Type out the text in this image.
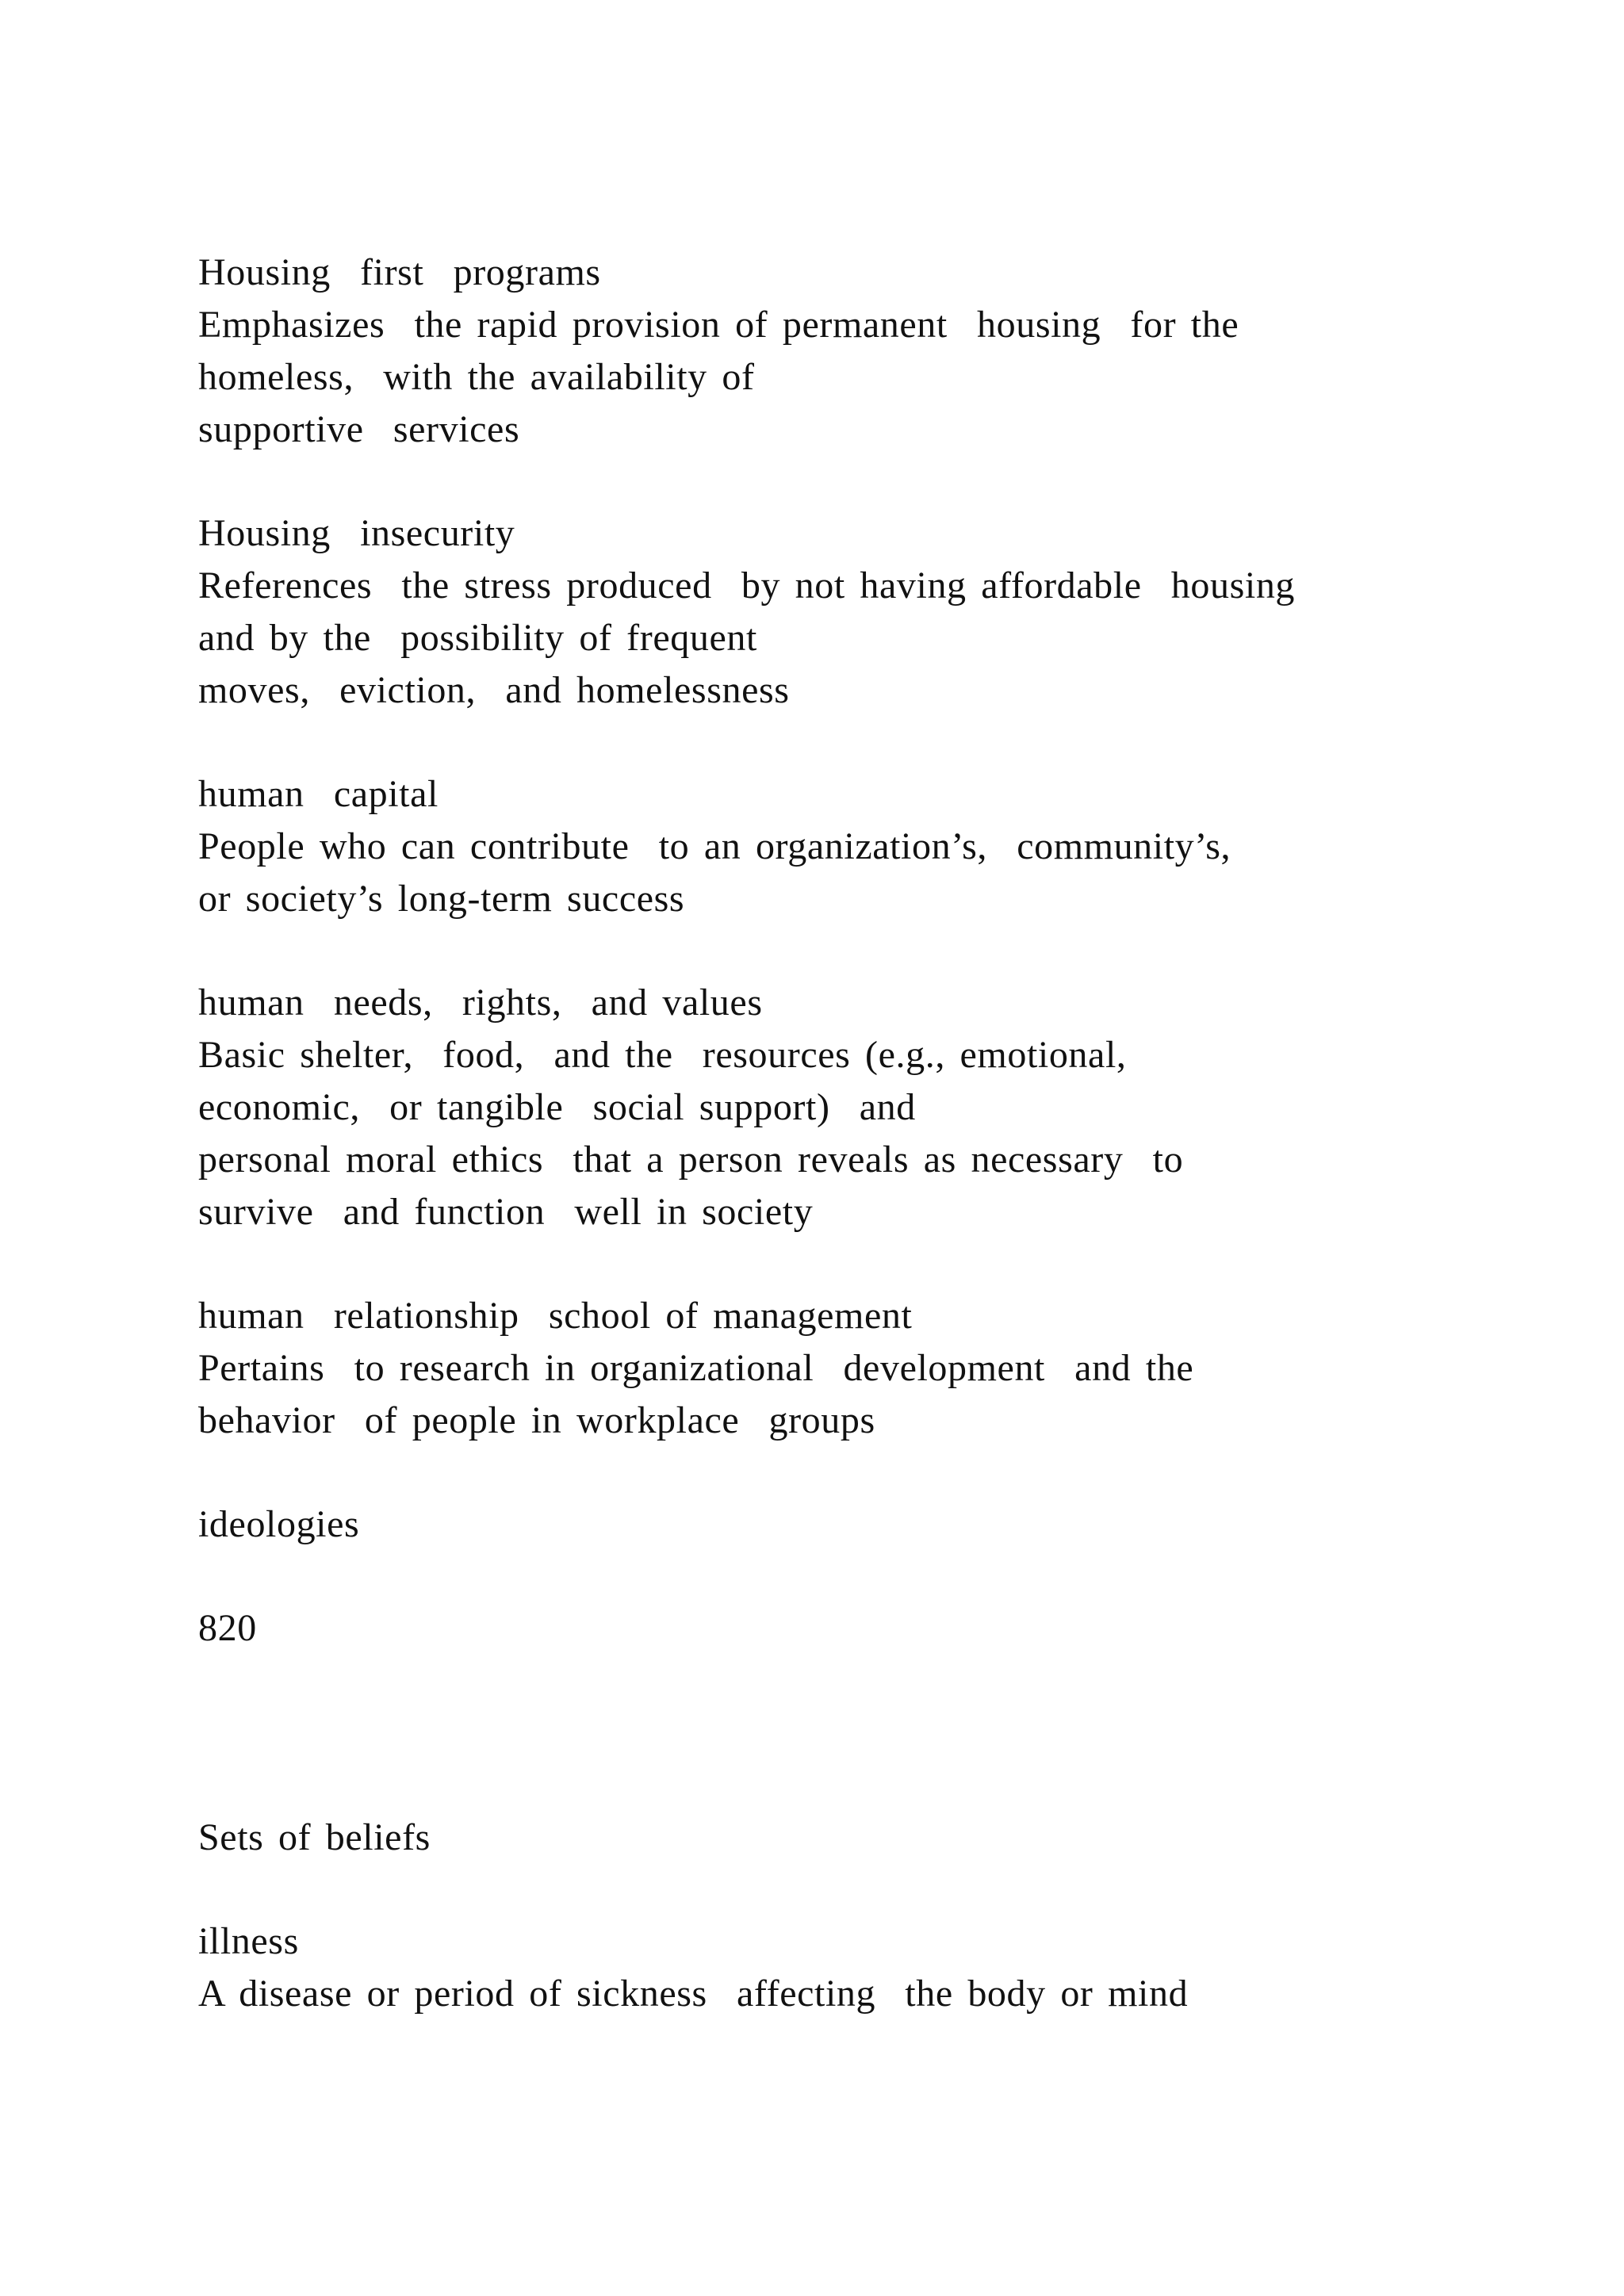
Housing  first  programs

Emphasizes  the rapid provision of permanent  housing  for the

homeless,  with the availability of

supportive  services

Housing  insecurity

References  the stress produced  by not having affordable  housing

and by the  possibility of frequent

moves,  eviction,  and homelessness

human  capital

People who can contribute  to an organization’s,  community’s,

or society’s long-term success

human  needs,  rights,  and values

Basic shelter,  food,  and the  resources (e.g., emotional,

economic,  or tangible  social support)  and

personal moral ethics  that a person reveals as necessary  to

survive  and function  well in society

human  relationship  school of management

Pertains  to research in organizational  development  and the

behavior  of people in workplace  groups

ideologies

820

Sets of beliefs

illness

A disease or period of sickness  affecting  the body or mind
